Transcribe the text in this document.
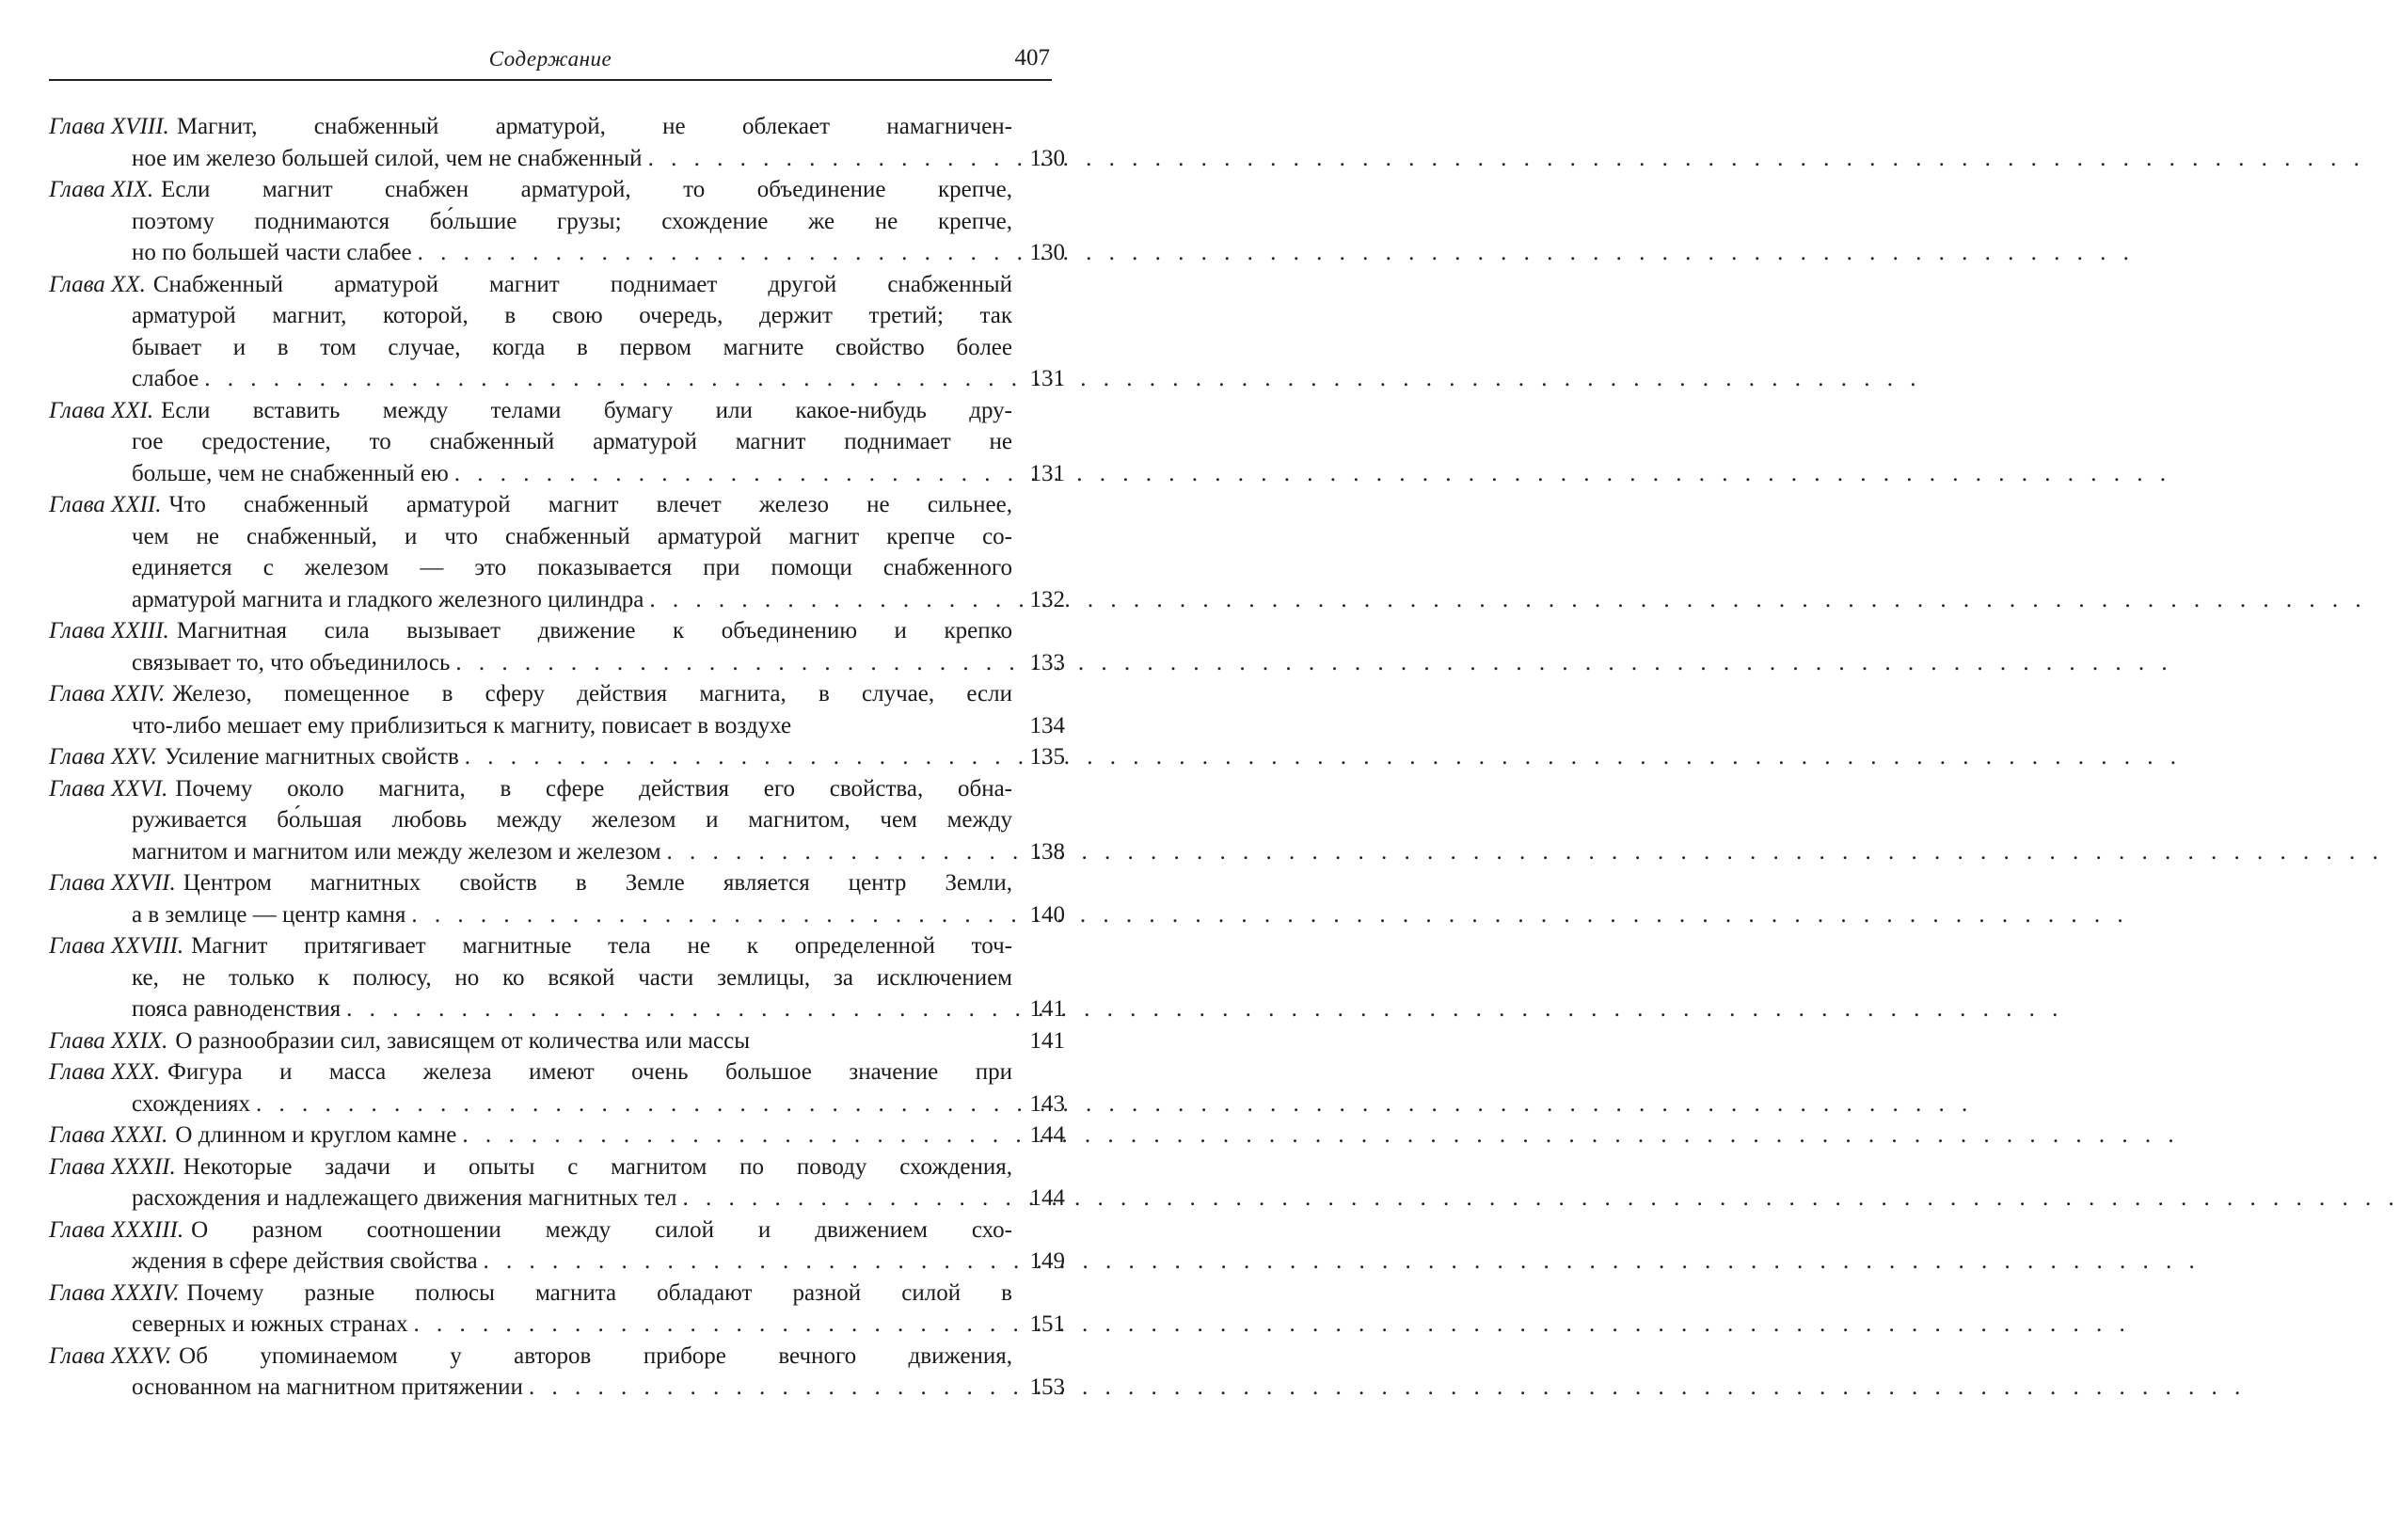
Содержание	407
Глава XVIII. Магнит, снабженный арматурой, не облекает намагничен-
ное им железо большей силой, чем не снабженный . . .	130
Глава XIX. Если магнит снабжен арматурой, то объединение крепче,
поэтому поднимаются бо́льшие грузы; схождение же не крепче,
но по большей части слабее . . .	130
Глава XX. Снабженный арматурой магнит поднимает другой снабженный
арматурой магнит, которой, в свою очередь, держит третий; так
бывает и в том случае, когда в первом магните свойство более
слабое . . .	131
Глава XXI. Если вставить между телами бумагу или какое-нибудь дру-
гое средостение, то снабженный арматурой магнит поднимает не
больше, чем не снабженный ею . . .	131
Глава XXII. Что снабженный арматурой магнит влечет железо не сильнее,
чем не снабженный, и что снабженный арматурой магнит крепче со-
единяется с железом — это показывается при помощи снабженного
арматурой магнита и гладкого железного цилиндра . . .	132
Глава XXIII. Магнитная сила вызывает движение к объединению и крепко
связывает то, что объединилось . . .	133
Глава XXIV. Железо, помещенное в сферу дейcтвия магнита, в случае, если
что-либо мешает ему приблизиться к магниту, повисает в воздухе	134
Глава XXV. Усиление магнитных свойств . . .	135
Глава XXVI. Почему около магнита, в сфере действия его свойства, обна-
руживается бо́льшая любовь между железом и магнитом, чем между
магнитом и магнитом или между железом и железом . . .	138
Глава XXVII. Центром магнитных свойств в Земле является центр Земли,
а в землице — центр камня . . .	140
Глава XXVIII. Магнит притягивает магнитные тела не к определенной точ-
ке, не только к полюсу, но ко всякой части землицы, за исключением
пояса равноденствия . . .	141
Глава XXIX. О разнообразии сил, зависящем от количества или массы	141
Глава XXX. Фигура и масса железа имеют очень большое значение при
схождениях . . .	143
Глава XXXI. О длинном и круглом камне . . .	144
Глава XXXII. Некоторые задачи и опыты с магнитом по поводу схождения,
расхождения и надлежащего движения магнитных тел . . .	144
Глава XXXIII. О разном соотношении между силой и движением схо-
ждения в сфере действия свойства . . .	149
Глава XXXIV. Почему разные полюсы магнита обладают разной силой в
северных и южных странах . . .	151
Глава XXXV. Об упоминаемом у авторов приборе вечного движения,
основанном на магнитном притяжении . . .	153
